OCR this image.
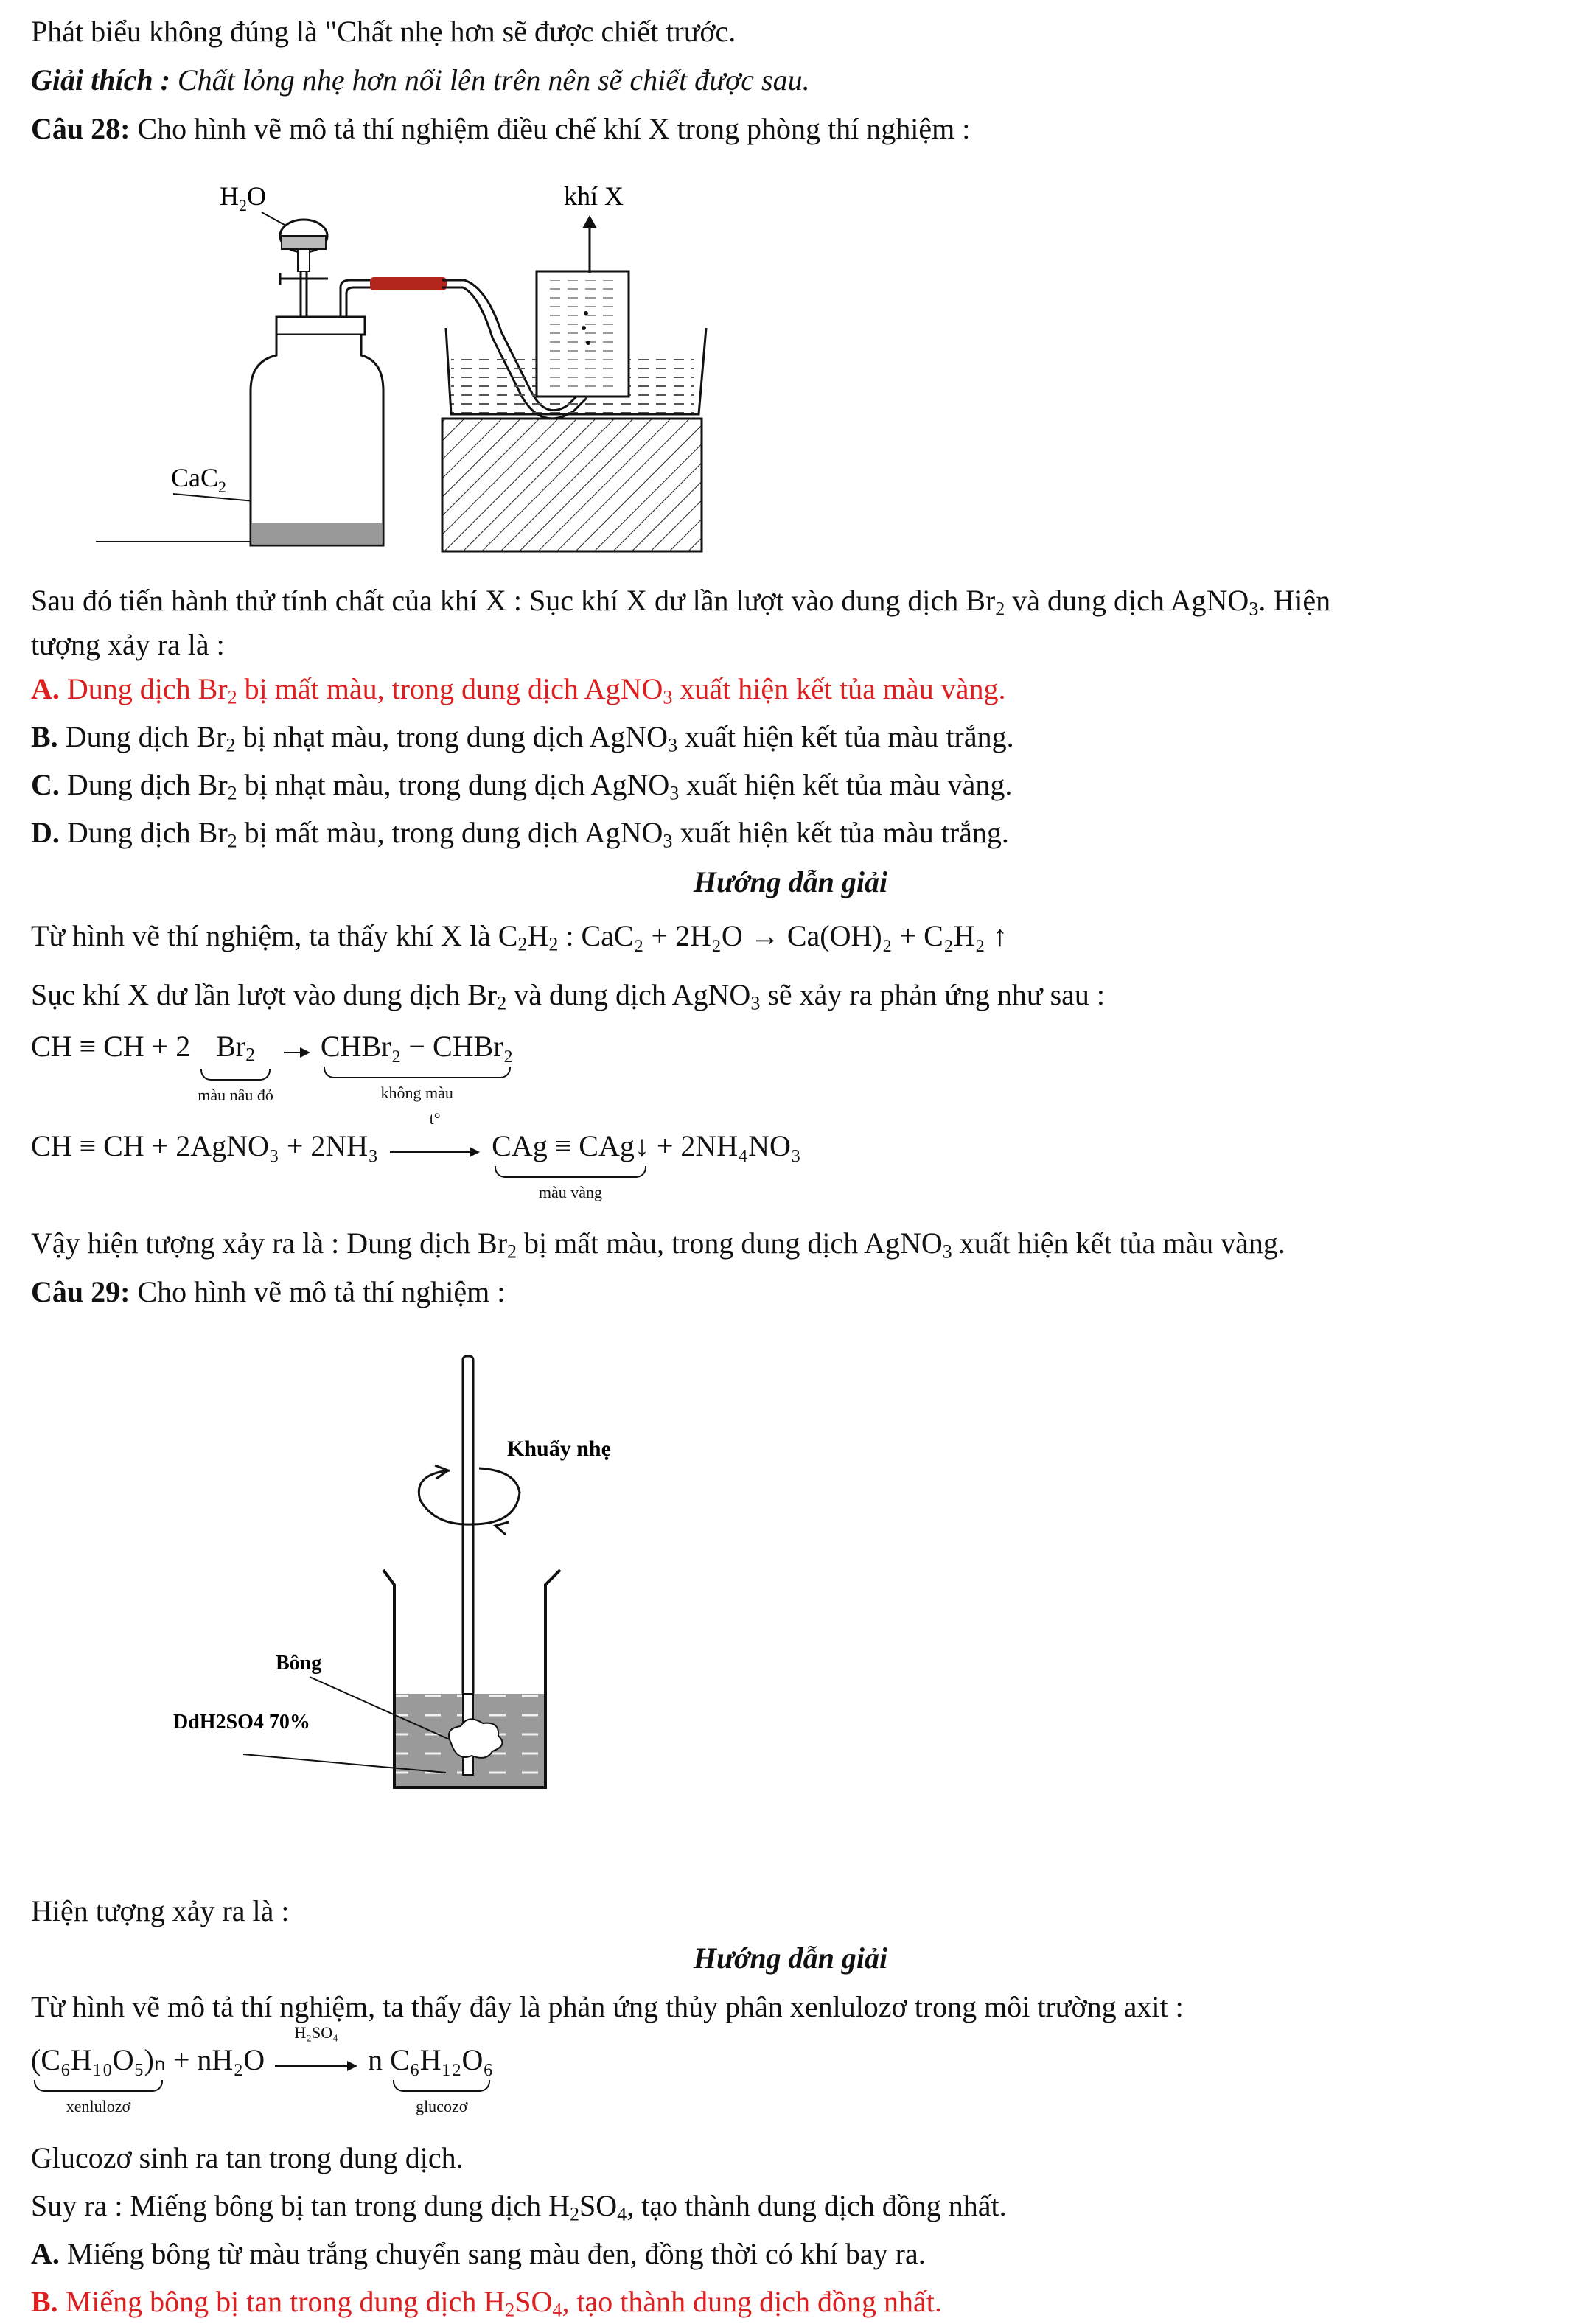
Phát biểu không đúng là "Chất nhẹ hơn sẽ được chiết trước.
Giải thích : Chất lỏng nhẹ hơn nổi lên trên nên sẽ chiết được sau.
Câu 28: Cho hình vẽ mô tả thí nghiệm điều chế khí X trong phòng thí nghiệm :
$H_2O$	khí X
CaC$_2$
Sau đó tiến hành thử tính chất của khí X : Sục khí X dư lần lượt vào dung dịch $Br_2$ và dung dịch AgNO$_3$. Hiện
tượng xảy ra là :
A. Dung dịch $Br_2$ bị mất màu, trong dung dịch AgNO$_3$ xuất hiện kết tủa màu vàng.
B. Dung dịch $Br_2$ bị nhạt màu, trong dung dịch AgNO$_3$ xuất hiện kết tủa màu trắng.
C. Dung dịch $Br_2$ bị nhạt màu, trong dung dịch AgNO$_3$ xuất hiện kết tủa màu vàng.
D. Dung dịch $Br_2$ bị mất màu, trong dung dịch AgNO$_3$ xuất hiện kết tủa màu trắng.
Hướng dẫn giải
Từ hình vẽ thí nghiệm, ta thấy khí X là $C_2H_2$ : CaC₂ + 2H₂O → Ca(OH)₂ + C₂H₂ ↑
Sục khí X dư lần lượt vào dung dịch $Br_2$ và dung dịch AgNO$_3$ sẽ xảy ra phản ứng như sau :
CH ≡ CH + 2 $Br_2$
màu nâu đỏ

CHBr₂ − CHBr₂
không màu
CH ≡ CH + 2AgNO₃ + 2NH₃
t°

CAg ≡ CAg↓
màu vàng
+ 2NH₄NO₃
Vậy hiện tượng xảy ra là : Dung dịch $Br_2$ bị mất màu, trong dung dịch AgNO$_3$ xuất hiện kết tủa màu vàng.
Câu 29: Cho hình vẽ mô tả thí nghiệm :
Khuấy nhẹ
Bông
DdH2SO4 70%
Hiện tượng xảy ra là :
Hướng dẫn giải
Từ hình vẽ mô tả thí nghiệm, ta thấy đây là phản ứng thủy phân xenlulozơ trong môi trường axit :
(C₆H₁₀O₅)ₙ
xenlulozơ
+ nH₂O
H₂SO₄
n C₆H₁₂O₆
glucozơ
Glucozơ sinh ra tan trong dung dịch.
Suy ra : Miếng bông bị tan trong dung dịch $H_2SO_4$, tạo thành dung dịch đồng nhất.
A. Miếng bông từ màu trắng chuyển sang màu đen, đồng thời có khí bay ra.
B. Miếng bông bị tan trong dung dịch $H_2SO_4$, tạo thành dung dịch đồng nhất.
